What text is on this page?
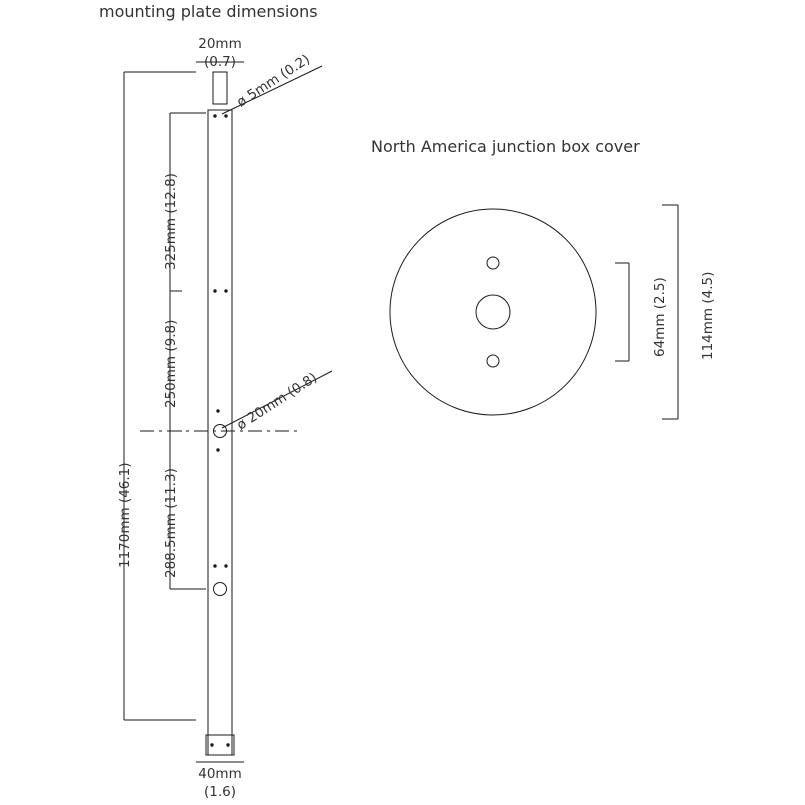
mounting plate dimensions
North America junction box cover
20mm
(0.7)
40mm
(1.6)
1170mm (46.1)
325mm (12.8)
250mm (9.8)
288.5mm (11.3)
ø 5mm (0.2)
ø 20mm (0.8)
64mm (2.5) 114mm (4.5)
